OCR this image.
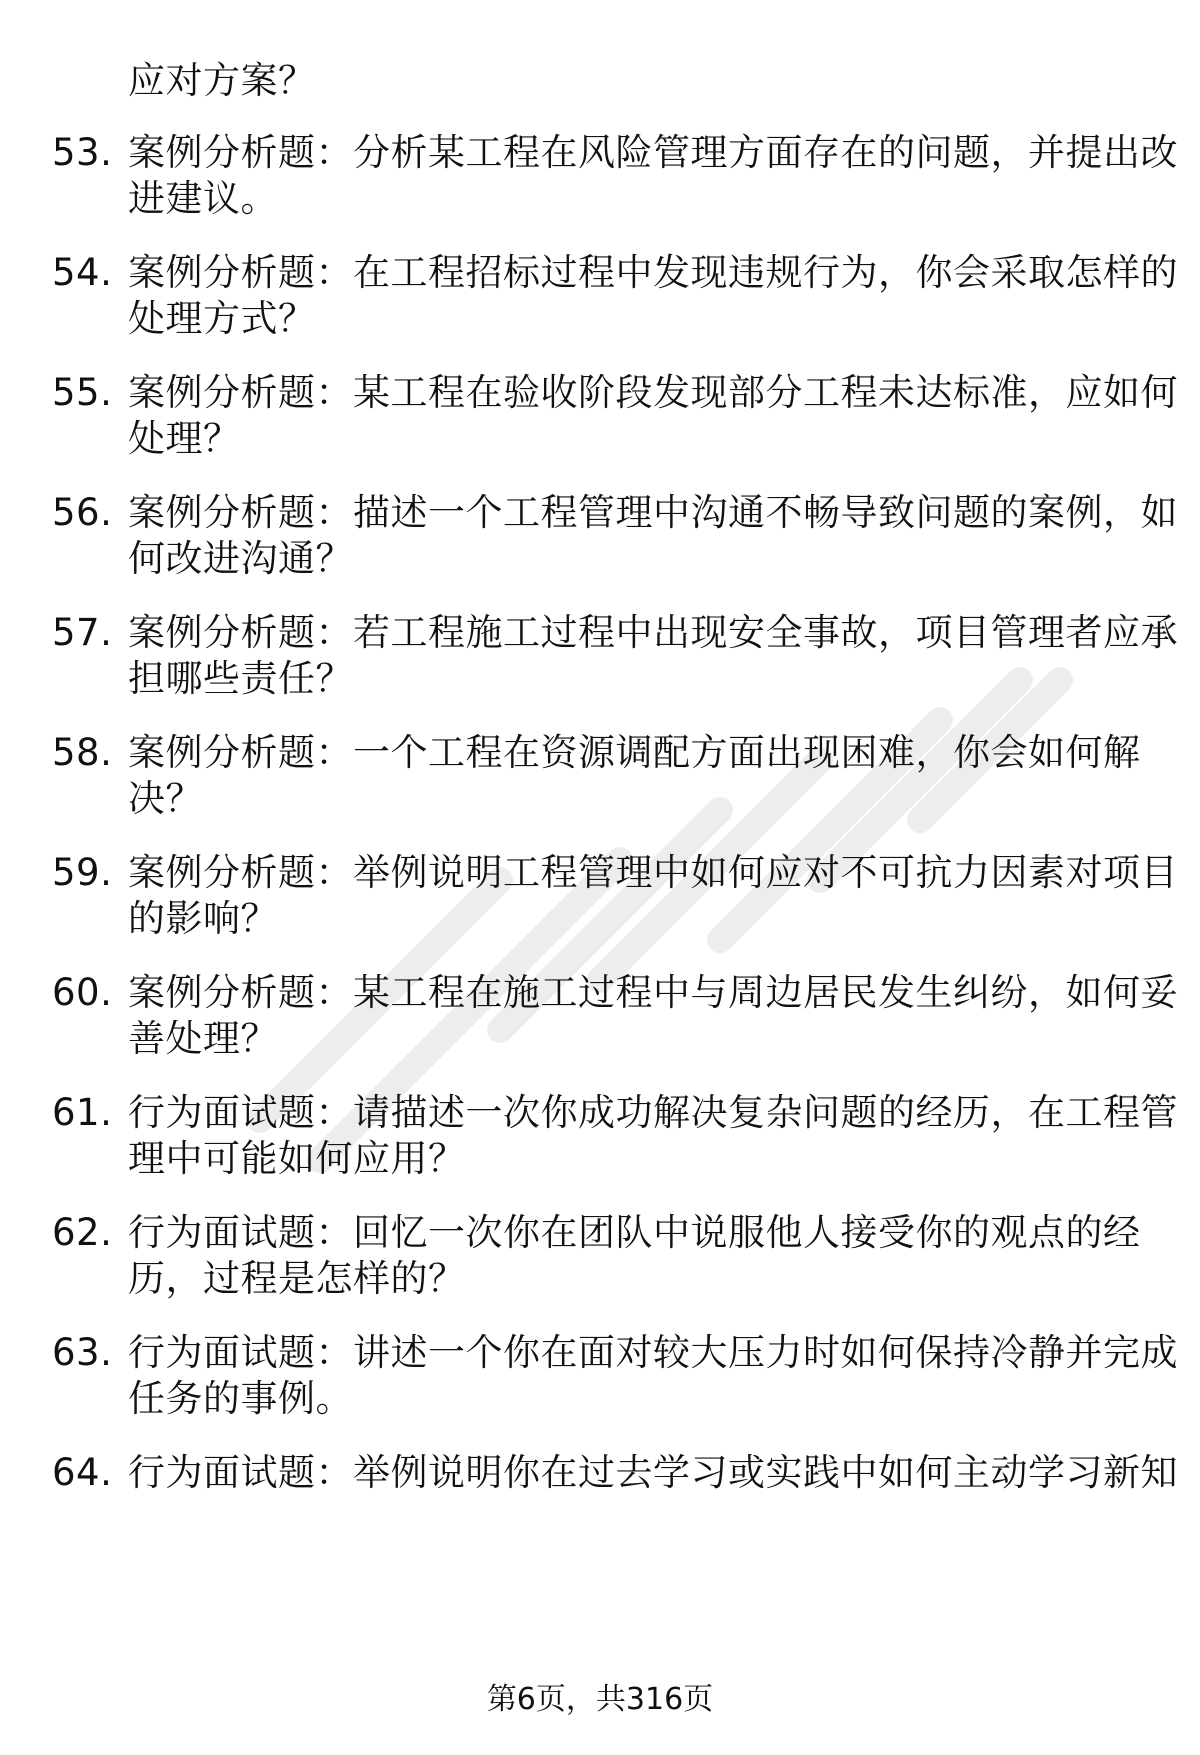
应对方案？
53. 案例分析题：分析某工程在风险管理方面存在的问题，并提出改
进建议。
54. 案例分析题：在工程招标过程中发现违规行为，你会采取怎样的
处理方式？
55. 案例分析题：某工程在验收阶段发现部分工程未达标准，应如何
处理？
56. 案例分析题：描述一个工程管理中沟通不畅导致问题的案例，如
何改进沟通？
57. 案例分析题：若工程施工过程中出现安全事故，项目管理者应承
担哪些责任？
58. 案例分析题：一个工程在资源调配方面出现困难，你会如何解
决？
59. 案例分析题：举例说明工程管理中如何应对不可抗力因素对项目
的影响？
60. 案例分析题：某工程在施工过程中与周边居民发生纠纷，如何妥
善处理？
61. 行为面试题：请描述一次你成功解决复杂问题的经历，在工程管
理中可能如何应用？
62. 行为面试题：回忆一次你在团队中说服他人接受你的观点的经
历，过程是怎样的？
63. 行为面试题：讲述一个你在面对较大压力时如何保持冷静并完成
任务的事例。
64. 行为面试题：举例说明你在过去学习或实践中如何主动学习新知
第6页，共316页
